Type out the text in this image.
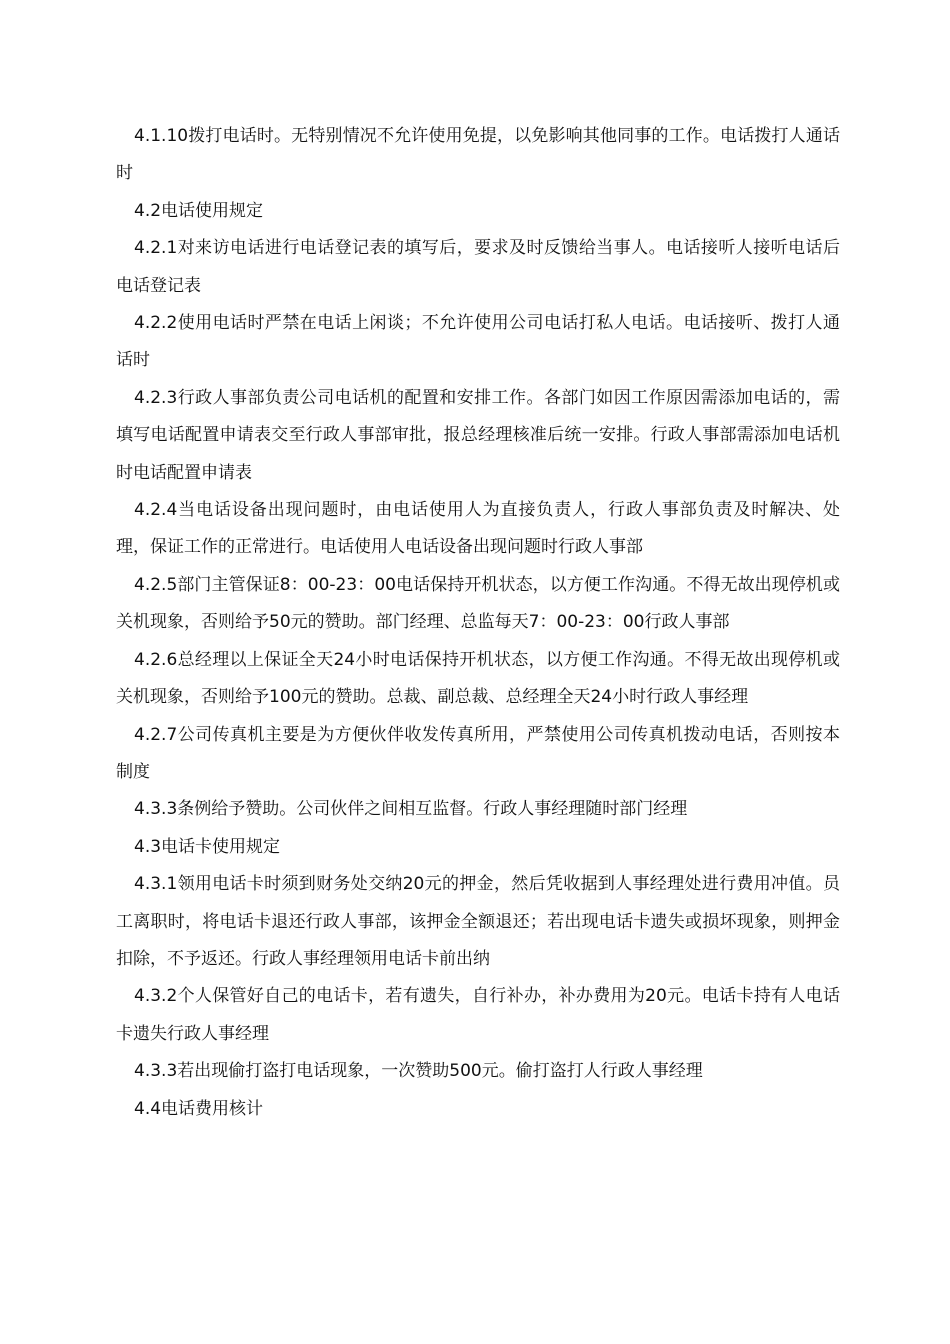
4.1.10拨打电话时。无特别情况不允许使用免提，以免影响其他同事的工作。电话拨打人通话时

4.2电话使用规定

4.2.1对来访电话进行电话登记表的填写后，要求及时反馈给当事人。电话接听人接听电话后电话登记表

4.2.2使用电话时严禁在电话上闲谈；不允许使用公司电话打私人电话。电话接听、拨打人通话时

4.2.3行政人事部负责公司电话机的配置和安排工作。各部门如因工作原因需添加电话的，需填写电话配置申请表交至行政人事部审批，报总经理核准后统一安排。行政人事部需添加电话机时电话配置申请表

4.2.4当电话设备出现问题时，由电话使用人为直接负责人，行政人事部负责及时解决、处理，保证工作的正常进行。电话使用人电话设备出现问题时行政人事部

4.2.5部门主管保证8：00-23：00电话保持开机状态，以方便工作沟通。不得无故出现停机或关机现象，否则给予50元的赞助。部门经理、总监每天7：00-23：00行政人事部

4.2.6总经理以上保证全天24小时电话保持开机状态，以方便工作沟通。不得无故出现停机或关机现象，否则给予100元的赞助。总裁、副总裁、总经理全天24小时行政人事经理

4.2.7公司传真机主要是为方便伙伴收发传真所用，严禁使用公司传真机拨动电话，否则按本制度

4.3.3条例给予赞助。公司伙伴之间相互监督。行政人事经理随时部门经理

4.3电话卡使用规定

4.3.1领用电话卡时须到财务处交纳20元的押金，然后凭收据到人事经理处进行费用冲值。员工离职时，将电话卡退还行政人事部，该押金全额退还；若出现电话卡遗失或损坏现象，则押金扣除，不予返还。行政人事经理领用电话卡前出纳

4.3.2个人保管好自己的电话卡，若有遗失，自行补办，补办费用为20元。电话卡持有人电话卡遗失行政人事经理

4.3.3若出现偷打盗打电话现象，一次赞助500元。偷打盗打人行政人事经理

4.4电话费用核计
